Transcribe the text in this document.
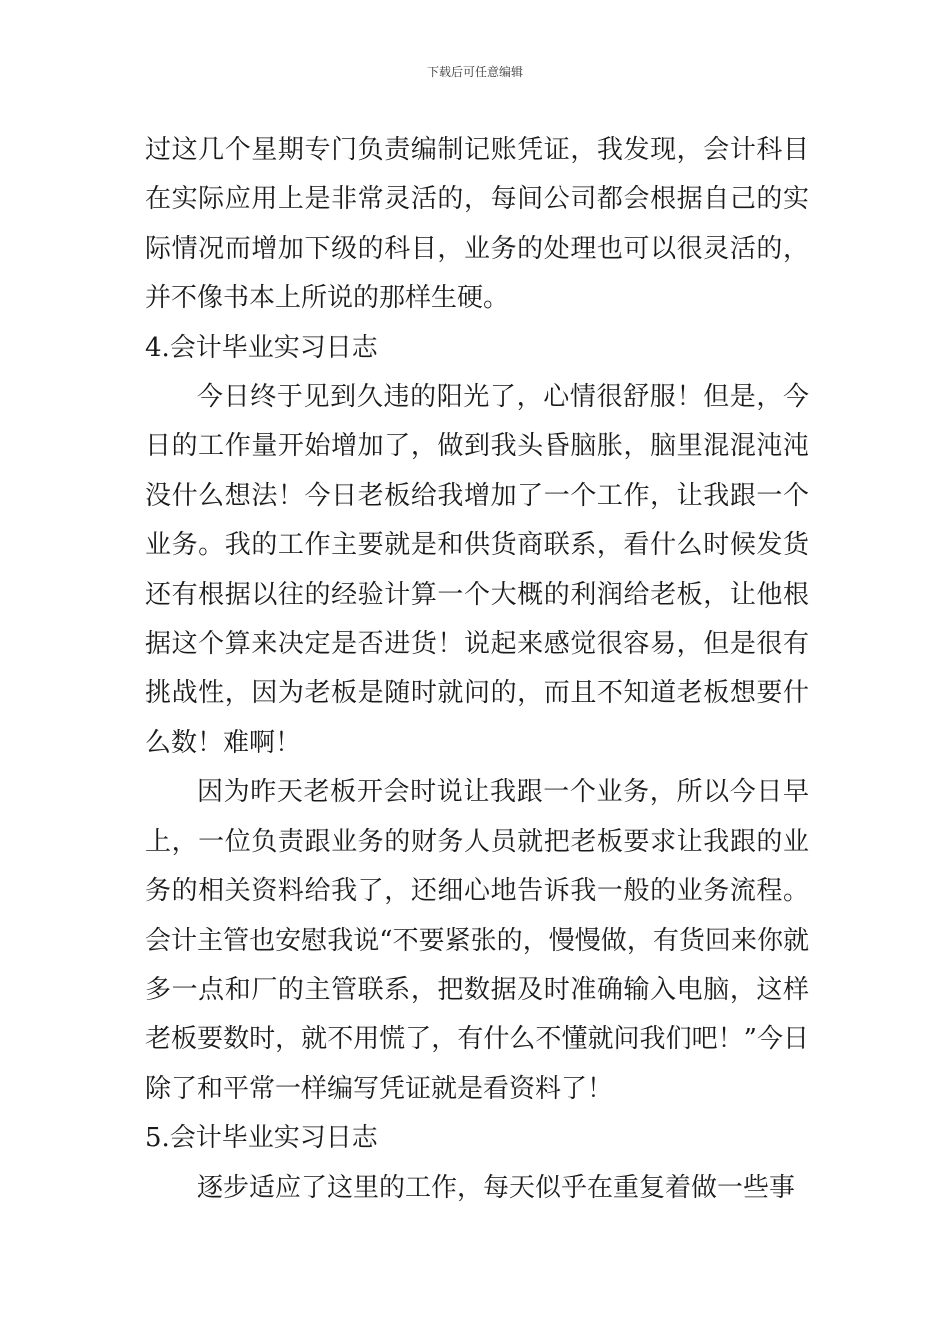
下载后可任意编辑

过这几个星期专门负责编制记账凭证，我发现，会计科目在实际应用上是非常灵活的，每间公司都会根据自己的实际情况而增加下级的科目，业务的处理也可以很灵活的，并不像书本上所说的那样生硬。

4.会计毕业实习日志

今日终于见到久违的阳光了，心情很舒服！但是，今日的工作量开始增加了，做到我头昏脑胀，脑里混混沌沌没什么想法！今日老板给我增加了一个工作，让我跟一个业务。我的工作主要就是和供货商联系，看什么时候发货还有根据以往的经验计算一个大概的利润给老板，让他根据这个算来决定是否进货！说起来感觉很容易，但是很有挑战性，因为老板是随时就问的，而且不知道老板想要什么数！难啊！

因为昨天老板开会时说让我跟一个业务，所以今日早上，一位负责跟业务的财务人员就把老板要求让我跟的业务的相关资料给我了，还细心地告诉我一般的业务流程。会计主管也安慰我说“不要紧张的，慢慢做，有货回来你就多一点和厂的主管联系，把数据及时准确输入电脑，这样老板要数时，就不用慌了，有什么不懂就问我们吧！”今日除了和平常一样编写凭证就是看资料了！

5.会计毕业实习日志

逐步适应了这里的工作，每天似乎在重复着做一些事
